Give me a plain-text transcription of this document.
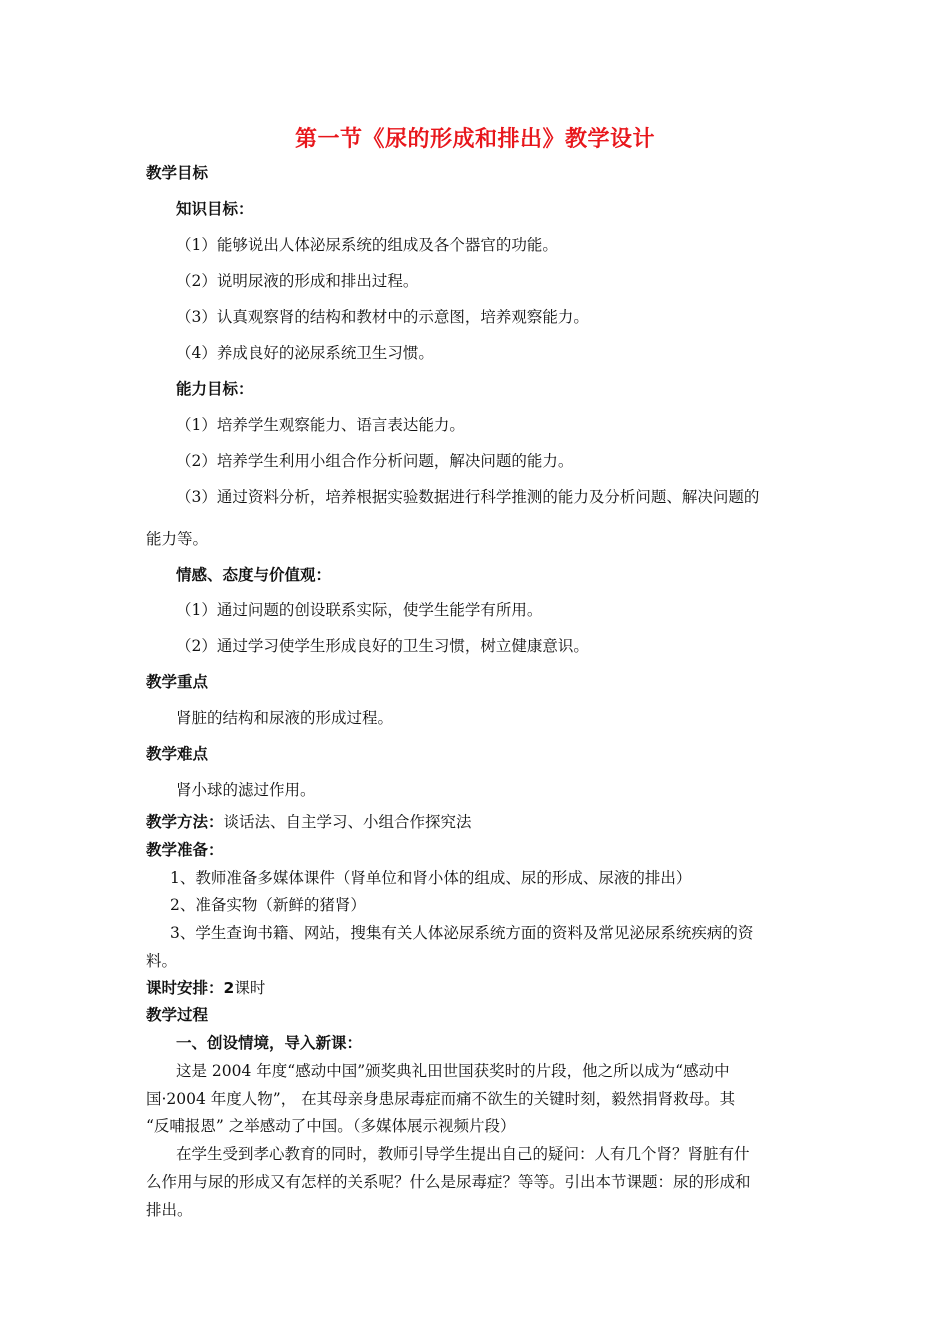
第一节《尿的形成和排出》教学设计
教学目标
知识目标：
（1）能够说出人体泌尿系统的组成及各个器官的功能。
（2）说明尿液的形成和排出过程。
（3）认真观察肾的结构和教材中的示意图，培养观察能力。
（4）养成良好的泌尿系统卫生习惯。
能力目标：
（1）培养学生观察能力、语言表达能力。
（2）培养学生利用小组合作分析问题，解决问题的能力。
（3）通过资料分析，培养根据实验数据进行科学推测的能力及分析问题、解决问题的
能力等。
情感、态度与价值观：
（1）通过问题的创设联系实际，使学生能学有所用。
（2）通过学习使学生形成良好的卫生习惯，树立健康意识。
教学重点
肾脏的结构和尿液的形成过程。
教学难点
肾小球的滤过作用。
教学方法：谈话法、自主学习、小组合作探究法
教学准备：
1、教师准备多媒体课件（肾单位和肾小体的组成、尿的形成、尿液的排出）
2、准备实物（新鲜的猪肾）
3、学生查询书籍、网站，搜集有关人体泌尿系统方面的资料及常见泌尿系统疾病的资
料。
课时安排：2课时
教学过程
一、创设情境，导入新课：
这是 2004 年度“感动中国”颁奖典礼田世国获奖时的片段，他之所以成为“感动中
国·2004 年度人物”， 在其母亲身患尿毒症而痛不欲生的关键时刻，毅然捐肾救母。其
“反哺报恩” 之举感动了中国。（多媒体展示视频片段）
在学生受到孝心教育的同时，教师引导学生提出自己的疑问：人有几个肾？肾脏有什
么作用与尿的形成又有怎样的关系呢？什么是尿毒症？等等。引出本节课题：尿的形成和
排出。
